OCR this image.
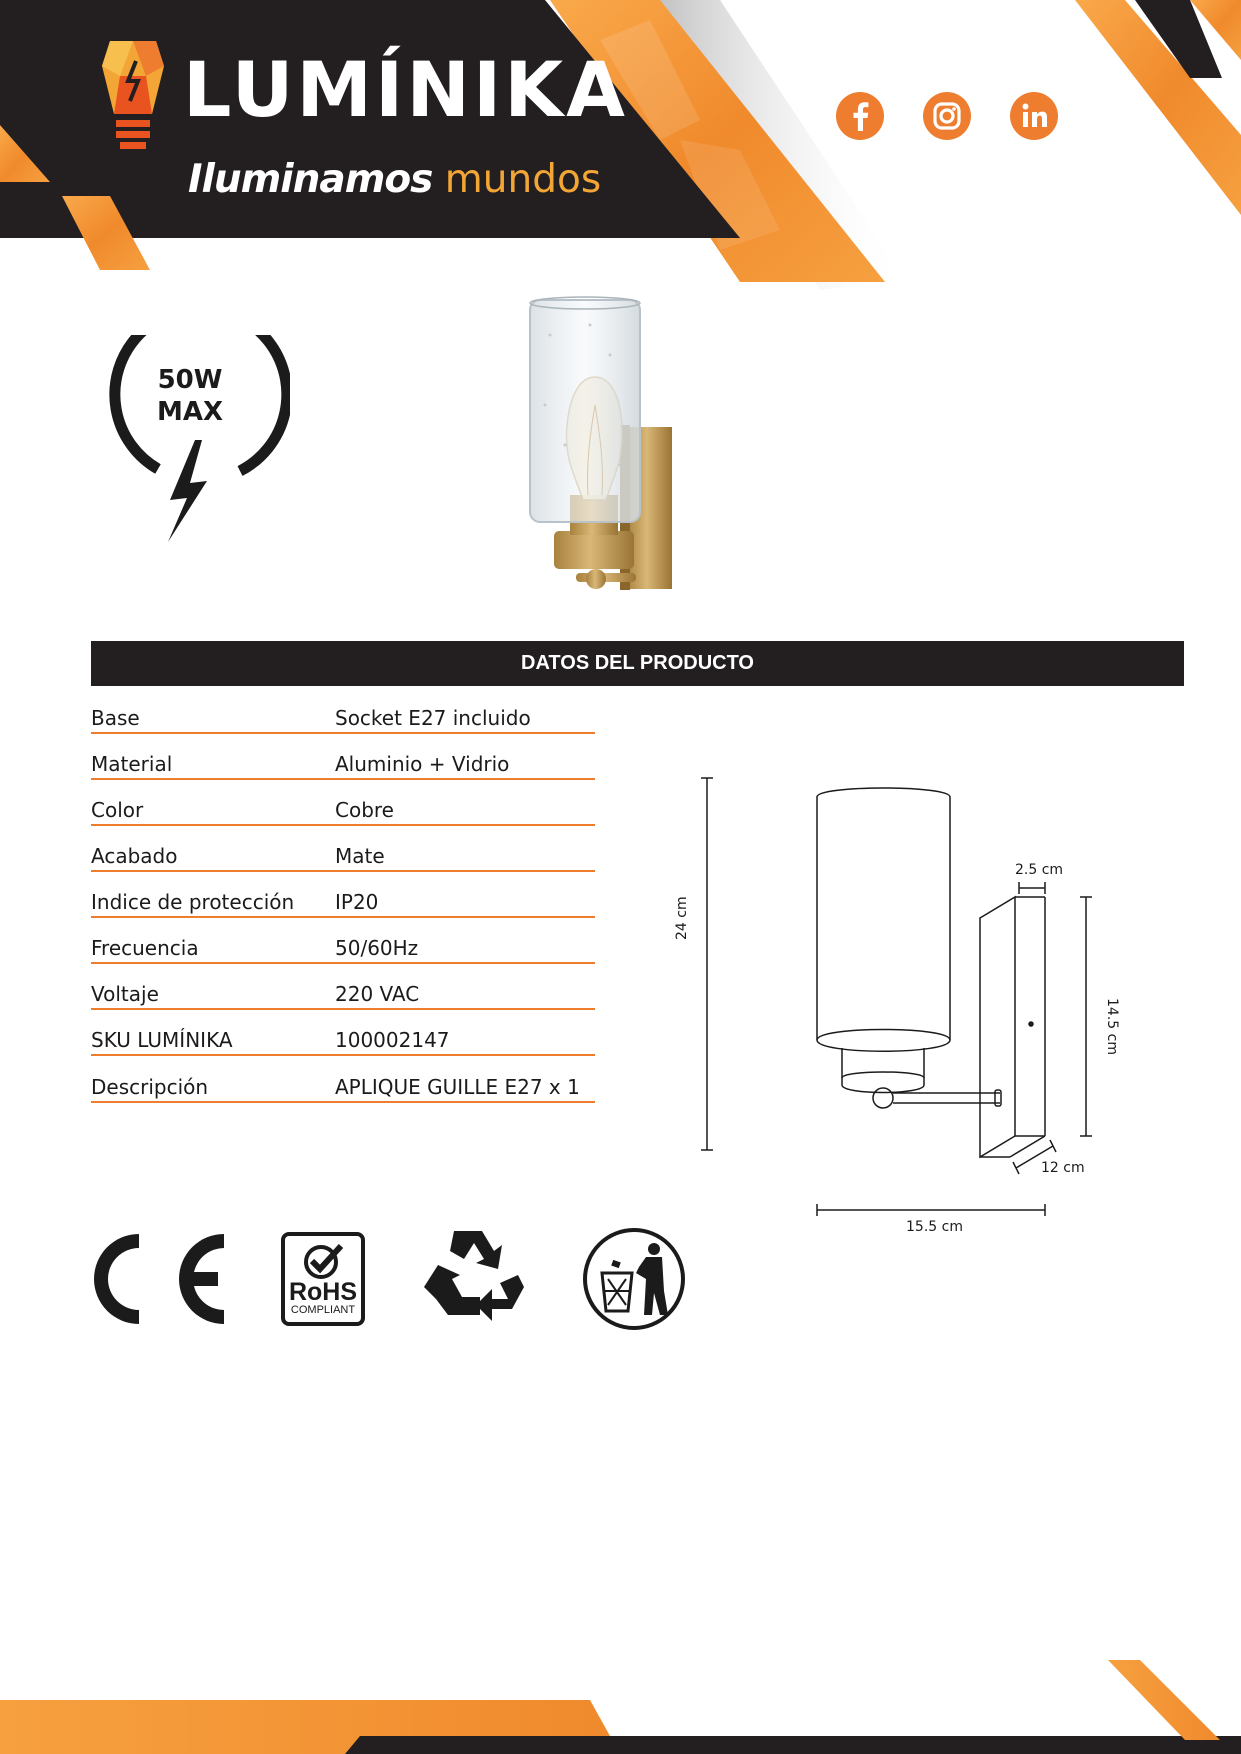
LUMÍNIKA
Iluminamos mundos
50W
MAX
DATOS DEL PRODUCTO
Base	Socket E27 incluido
Material	Aluminio + Vidrio
Color	Cobre
Acabado	Mate
Indice de protección IP20
Frecuencia	50/60Hz
Voltaje	220 VAC
SKU LUMÍNIKA	100002147
Descripción	APLIQUE GUILLE E27 x 1
24 cm
2.5 cm
14.5 cm
12 cm
15.5 cm
CE
RoHS
COMPLIANT
